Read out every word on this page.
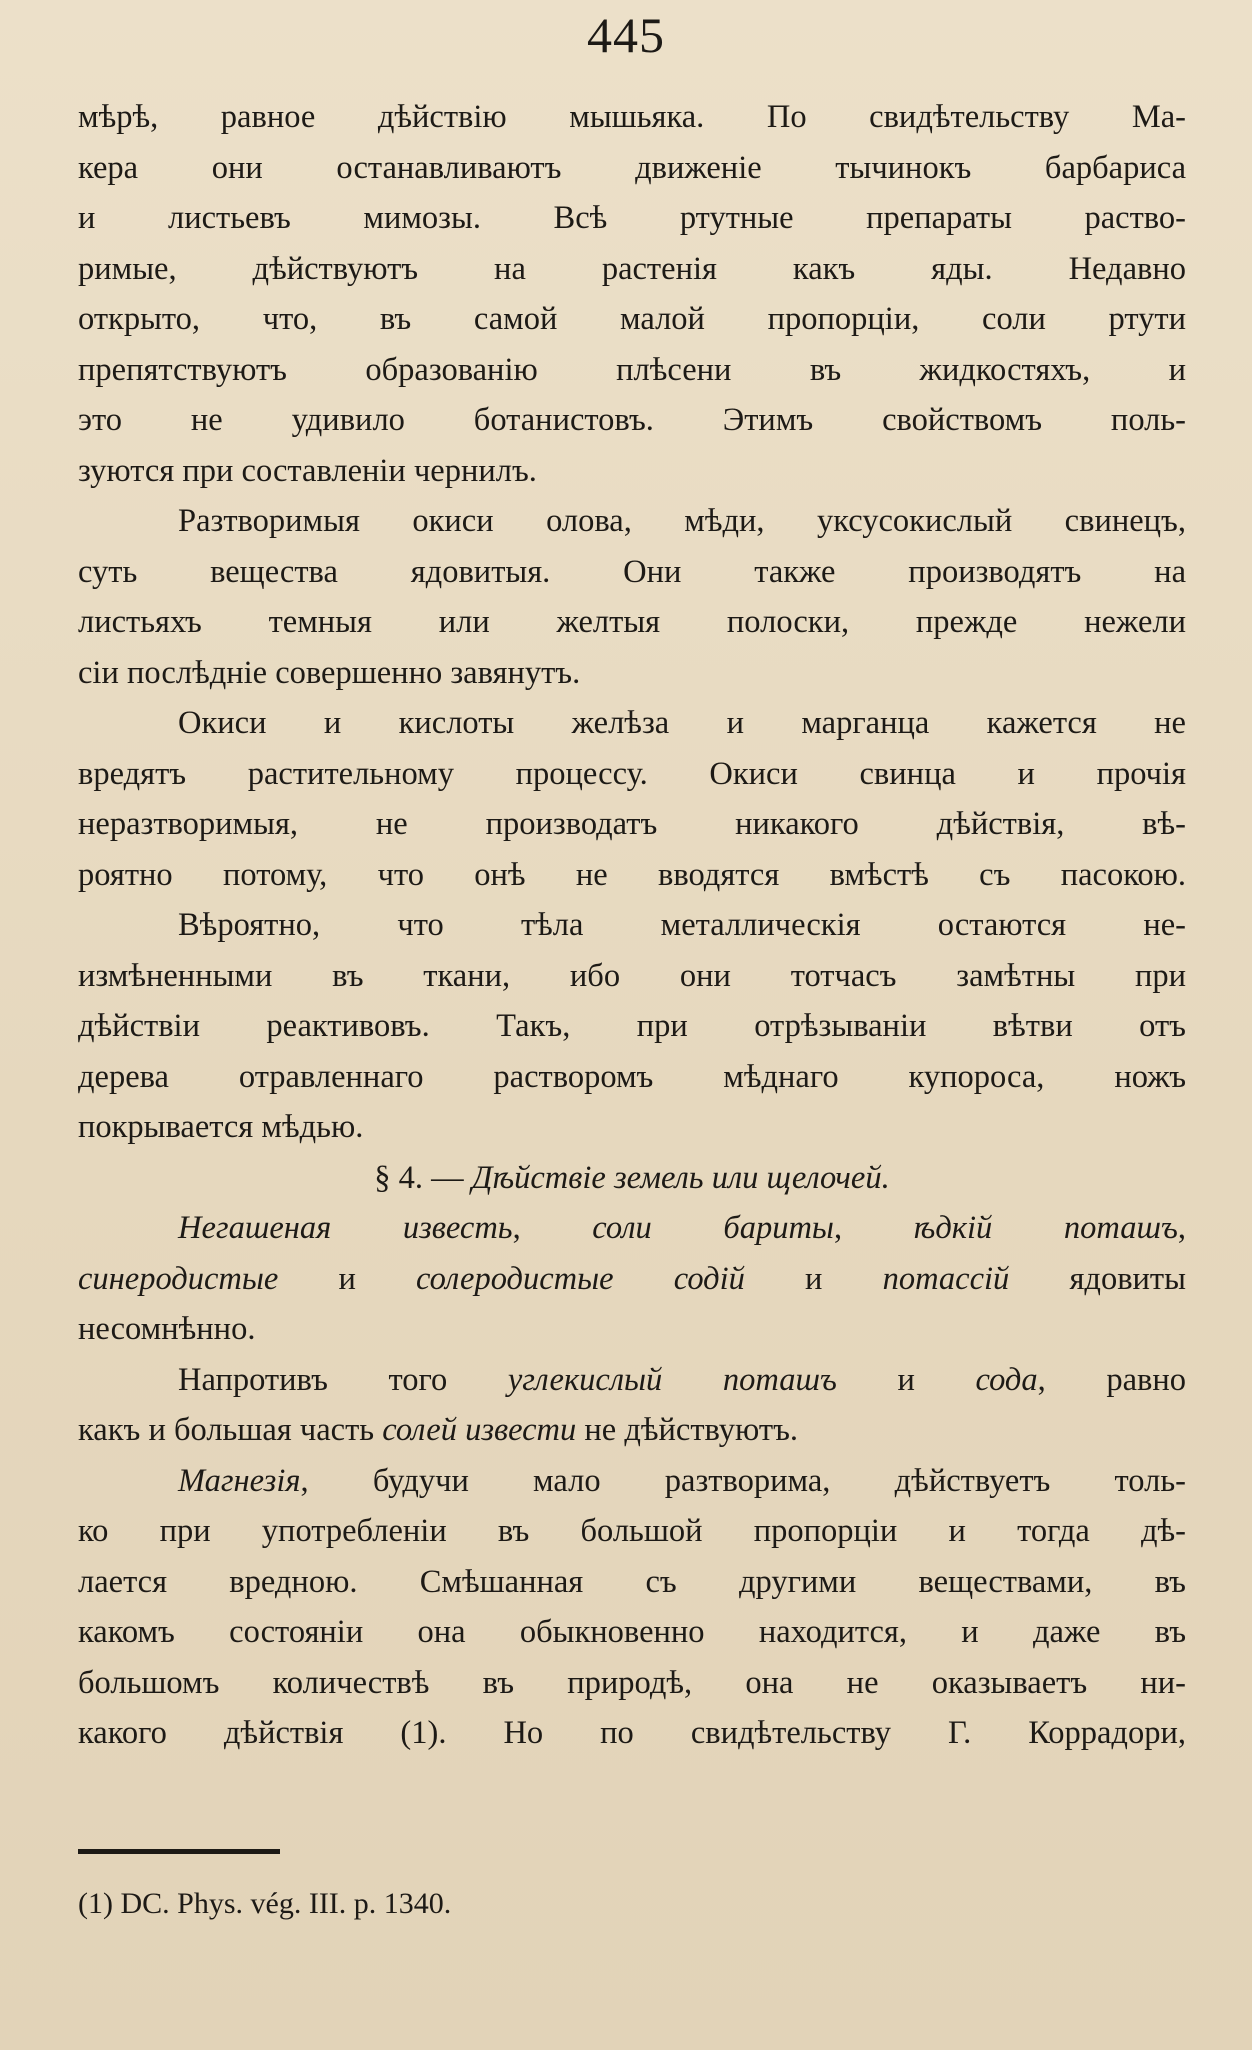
445
мѣрѣ, равное дѣйствію мышьяка. По свидѣтельству Ма-
кера они останавливаютъ движеніе тычинокъ барбариса
и листьевъ мимозы. Всѣ ртутные препараты раство-
римые, дѣйствуютъ на растенія какъ яды. Недавно
открыто, что, въ самой малой пропорціи, соли ртути
препятствуютъ образованію плѣсени въ жидкостяхъ, и
это не удивило ботанистовъ. Этимъ свойствомъ поль-
зуются при составленіи чернилъ.
Разтворимыя окиси олова, мѣди, уксусокислый свинецъ,
суть вещества ядовитыя. Они также производятъ на
листьяхъ темныя или желтыя полоски, прежде нежели
сіи послѣдніе совершенно завянутъ.
Окиси и кислоты желѣза и марганца кажется не
вредятъ растительному процессу. Окиси свинца и прочія
неразтворимыя, не производатъ никакого дѣйствія, вѣ-
роятно потому, что онѣ не вводятся вмѣстѣ съ пасокою.
Вѣроятно, что тѣла металлическія остаются не-
измѣненными въ ткани, ибо они тотчасъ замѣтны при
дѣйствіи реактивовъ. Такъ, при отрѣзываніи вѣтви отъ
дерева отравленнаго растворомъ мѣднаго купороса, ножъ
покрывается мѣдью.
§ 4. — Дѣйствіе земель или щелочей.
Негашеная известь, соли бариты, ѣдкій поташъ,
синеродистые и солеродистые содій и потассій ядовиты
несомнѣнно.
Напротивъ того углекислый поташъ и сода, равно
какъ и большая часть солей извести не дѣйствуютъ.
Магнезія, будучи мало разтворима, дѣйствуетъ толь-
ко при употребленіи въ большой пропорціи и тогда дѣ-
лается вредною. Смѣшанная съ другими веществами, въ
какомъ состояніи она обыкновенно находится, и даже въ
большомъ количествѣ въ природѣ, она не оказываетъ ни-
какого дѣйствія (1). Но по свидѣтельству Г. Коррадори,
(1) DC. Phys. vég. III. p. 1340.
